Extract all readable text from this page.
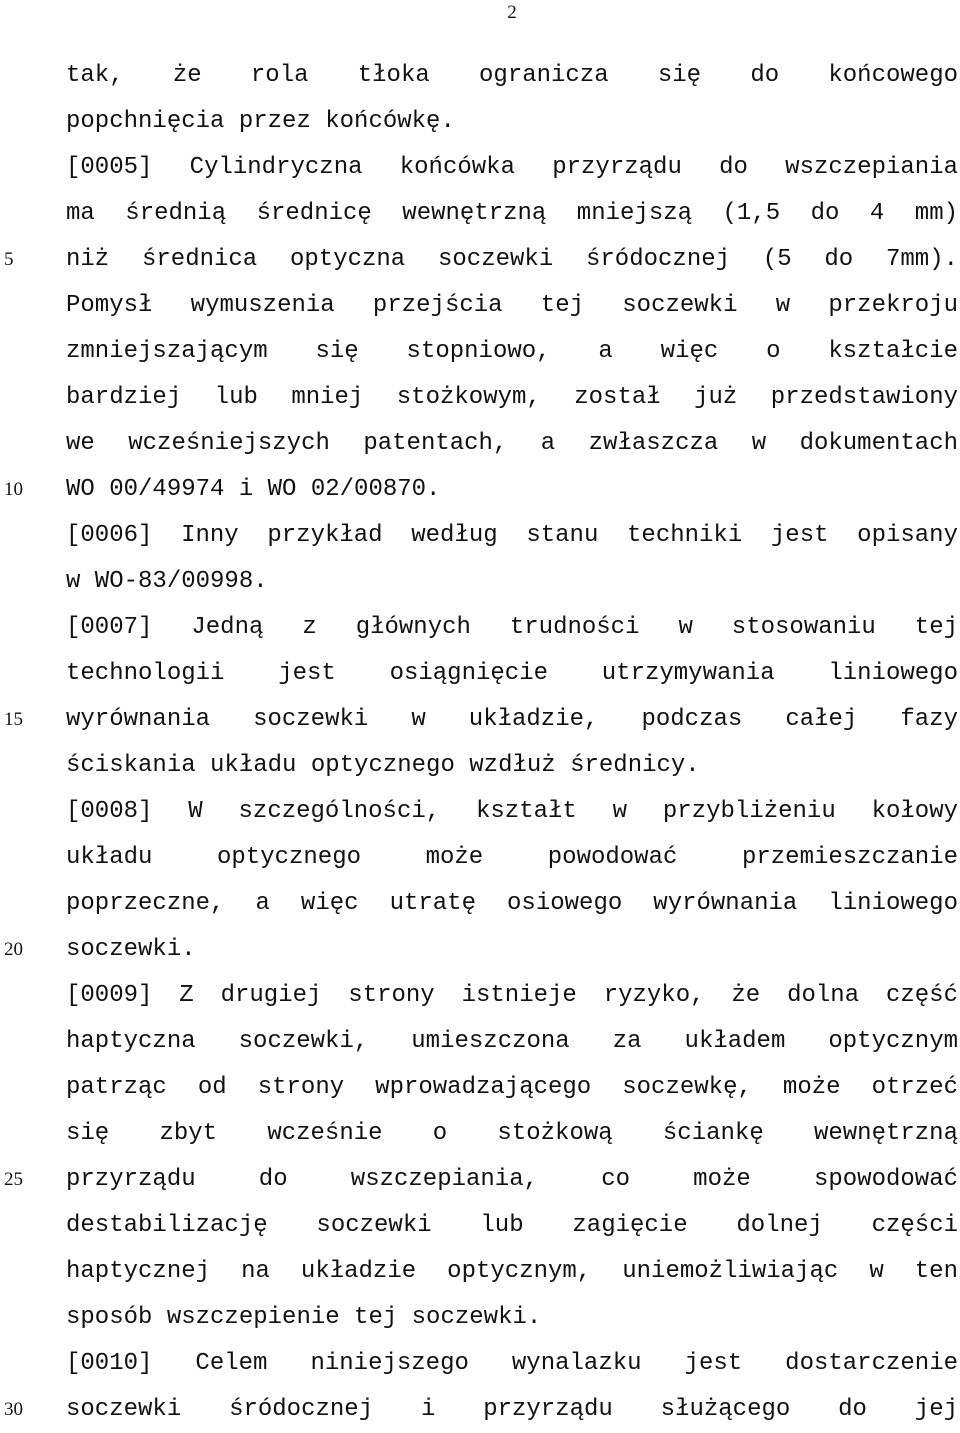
2
5
10
15
20
25
30
tak, że rola tłoka ogranicza się do końcowego
popchnięcia przez końcówkę.
[0005] Cylindryczna końcówka przyrządu do wszczepiania
ma średnią średnicę wewnętrzną mniejszą (1,5 do 4 mm)
niż średnica optyczna soczewki śródocznej (5 do 7mm).
Pomysł wymuszenia przejścia tej soczewki w przekroju
zmniejszającym się stopniowo, a więc o kształcie
bardziej lub mniej stożkowym, został już przedstawiony
we wcześniejszych patentach, a zwłaszcza w dokumentach
WO 00/49974 i WO 02/00870.
[0006] Inny przykład według stanu techniki jest opisany
w WO-83/00998.
[0007] Jedną z głównych trudności w stosowaniu tej
technologii jest osiągnięcie utrzymywania liniowego
wyrównania soczewki w układzie, podczas całej fazy
ściskania układu optycznego wzdłuż średnicy.
[0008] W szczególności, kształt w przybliżeniu kołowy
układu optycznego może powodować przemieszczanie
poprzeczne, a więc utratę osiowego wyrównania liniowego
soczewki.
[0009] Z drugiej strony istnieje ryzyko, że dolna część
haptyczna soczewki, umieszczona za układem optycznym
patrząc od strony wprowadzającego soczewkę, może otrzeć
się zbyt wcześnie o stożkową ściankę wewnętrzną
przyrządu do wszczepiania, co może spowodować
destabilizację soczewki lub zagięcie dolnej części
haptycznej na układzie optycznym, uniemożliwiając w ten
sposób wszczepienie tej soczewki.
[0010] Celem niniejszego wynalazku jest dostarczenie
soczewki śródocznej i przyrządu służącego do jej
